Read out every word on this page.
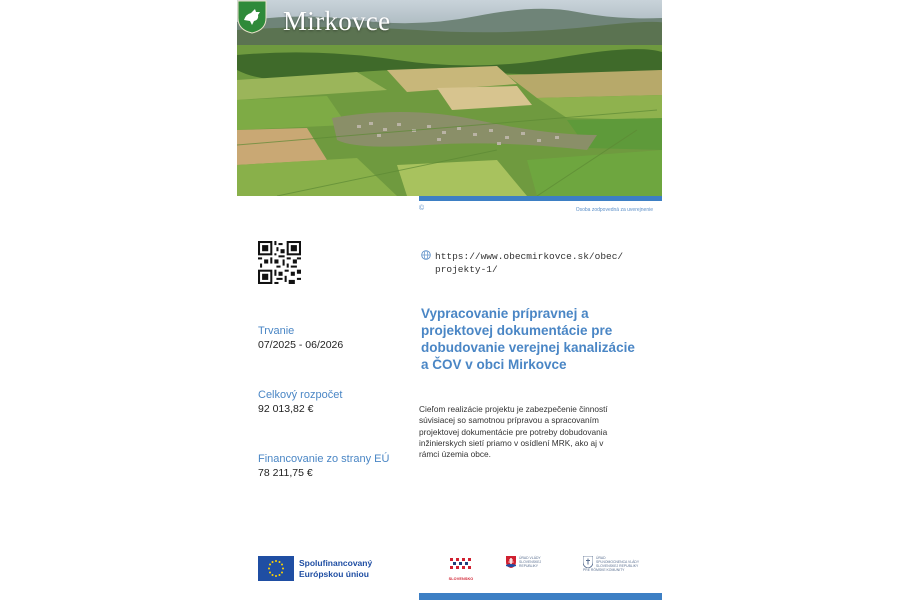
Mirkovce
©	Osoba zodpovedná za uverejnenie
Trvanie
07/2025 - 06/2026
Celkový rozpočet
92 013,82 €
Financovanie zo strany EÚ
78 211,75 €
https://www.obecmirkovce.sk/obec/
projekty-1/
Vypracovanie prípravnej a
projektovej dokumentácie pre
dobudovanie verejnej kanalizácie
a ČOV v obci Mirkovce
Cieľom realizácie projektu je zabezpečenie činností
súvisiacej so samotnou prípravou a spracovaním
projektovej dokumentácie pre potreby dobudovania
inžinierskych sietí priamo v osídlení MRK, ako aj v
rámci územia obce.
Spolufinancovaný
Európskou úniou
SLOVENSKO
ÚRAD VLÁDY
SLOVENSKEJ REPUBLIKY
ÚRAD
SPLNOMOCNENCA VLÁDY
SLOVENSKEJ REPUBLIKY
PRE RÓMSKE KOMUNITY
